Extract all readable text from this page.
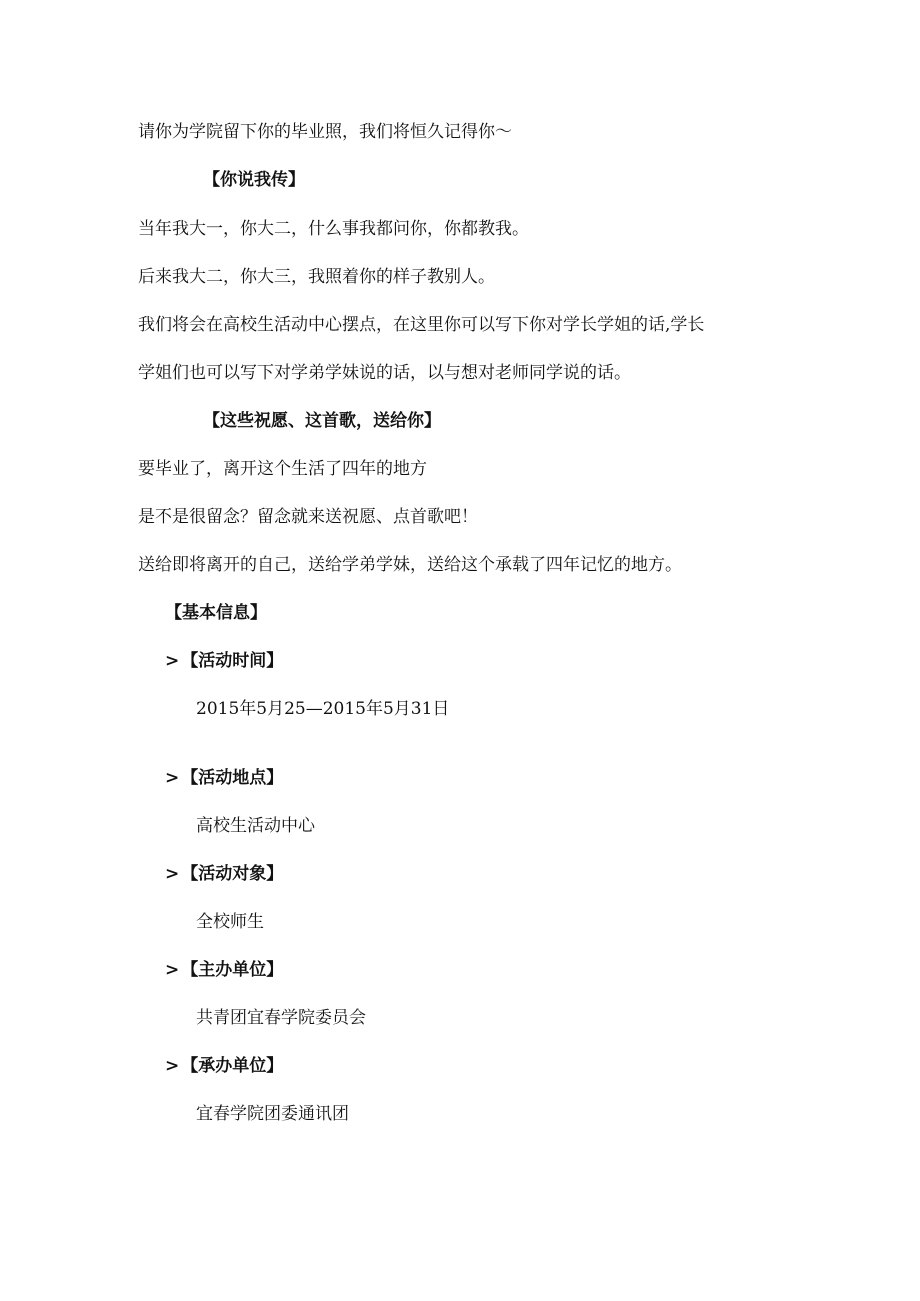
请你为学院留下你的毕业照，我们将恒久记得你～

【你说我传】

当年我大一，你大二，什么事我都问你，你都教我。

后来我大二，你大三，我照着你的样子教别人。

我们将会在高校生活动中心摆点，在这里你可以写下你对学长学姐的话,学长

学姐们也可以写下对学弟学妹说的话，以与想对老师同学说的话。

【这些祝愿、这首歌，送给你】

要毕业了，离开这个生活了四年的地方

是不是很留念？留念就来送祝愿、点首歌吧！

送给即将离开的自己，送给学弟学妹，送给这个承载了四年记忆的地方。

【基本信息】

> 【活动时间】

2015年5月25—2015年5月31日

> 【活动地点】

高校生活动中心

> 【活动对象】

全校师生

> 【主办单位】

共青团宜春学院委员会

> 【承办单位】

宜春学院团委通讯团
